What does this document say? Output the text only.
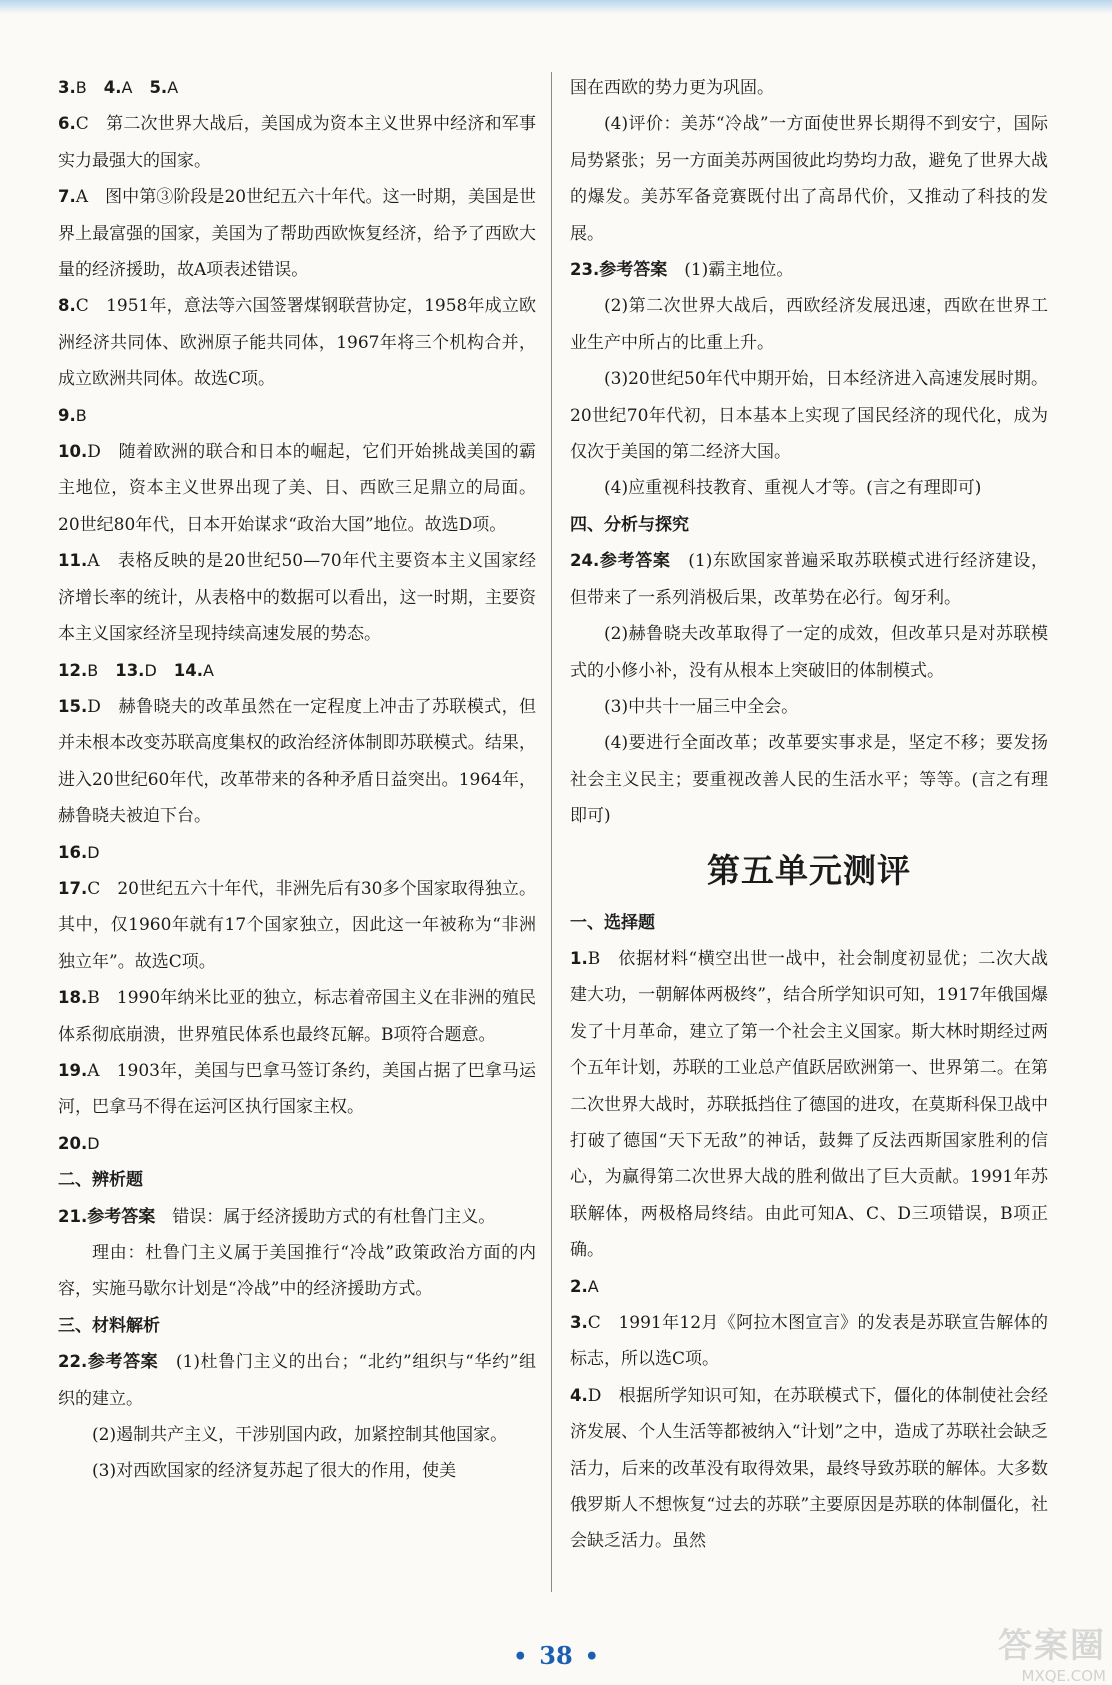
3.B　 4.A　 5.A

6.C　第二次世界大战后，美国成为资本主义世界中经济和军事实力最强大的国家。

7.A　图中第③阶段是20世纪五六十年代。这一时期，美国是世界上最富强的国家，美国为了帮助西欧恢复经济，给予了西欧大量的经济援助，故A项表述错误。

8.C　1951年，意法等六国签署煤钢联营协定，1958年成立欧洲经济共同体、欧洲原子能共同体，1967年将三个机构合并，成立欧洲共同体。故选C项。

9.B

10.D　随着欧洲的联合和日本的崛起，它们开始挑战美国的霸主地位，资本主义世界出现了美、日、西欧三足鼎立的局面。20世纪80年代，日本开始谋求“政治大国”地位。故选D项。

11.A　表格反映的是20世纪50—70年代主要资本主义国家经济增长率的统计，从表格中的数据可以看出，这一时期，主要资本主义国家经济呈现持续高速发展的势态。

12.B　 13.D　 14.A

15.D　赫鲁晓夫的改革虽然在一定程度上冲击了苏联模式，但并未根本改变苏联高度集权的政治经济体制即苏联模式。结果，进入20世纪60年代，改革带来的各种矛盾日益突出。1964年，赫鲁晓夫被迫下台。

16.D

17.C　20世纪五六十年代，非洲先后有30多个国家取得独立。其中，仅1960年就有17个国家独立，因此这一年被称为“非洲独立年”。故选C项。

18.B　1990年纳米比亚的独立，标志着帝国主义在非洲的殖民体系彻底崩溃，世界殖民体系也最终瓦解。B项符合题意。

19.A　1903年，美国与巴拿马签订条约，美国占据了巴拿马运河，巴拿马不得在运河区执行国家主权。

20.D

二、辨析题

21.参考答案　 错误：属于经济援助方式的有杜鲁门主义。

理由：杜鲁门主义属于美国推行“冷战”政策政治方面的内容，实施马歇尔计划是“冷战”中的经济援助方式。

三、材料解析

22.参考答案　 (1)杜鲁门主义的出台；“北约”组织与“华约”组织的建立。

(2)遏制共产主义，干涉别国内政，加紧控制其他国家。

(3)对西欧国家的经济复苏起了很大的作用，使美

国在西欧的势力更为巩固。

(4)评价：美苏“冷战”一方面使世界长期得不到安宁，国际局势紧张；另一方面美苏两国彼此均势均力敌，避免了世界大战的爆发。美苏军备竞赛既付出了高昂代价，又推动了科技的发展。

23.参考答案　 (1)霸主地位。

(2)第二次世界大战后，西欧经济发展迅速，西欧在世界工业生产中所占的比重上升。

(3)20世纪50年代中期开始，日本经济进入高速发展时期。20世纪70年代初，日本基本上实现了国民经济的现代化，成为仅次于美国的第二经济大国。

(4)应重视科技教育、重视人才等。(言之有理即可)

四、分析与探究

24.参考答案　 (1)东欧国家普遍采取苏联模式进行经济建设，但带来了一系列消极后果，改革势在必行。匈牙利。

(2)赫鲁晓夫改革取得了一定的成效，但改革只是对苏联模式的小修小补，没有从根本上突破旧的体制模式。

(3)中共十一届三中全会。

(4)要进行全面改革；改革要实事求是，坚定不移；要发扬社会主义民主；要重视改善人民的生活水平；等等。(言之有理即可)

第五单元测评

一、选择题

1.B　依据材料“横空出世一战中，社会制度初显优；二次大战建大功，一朝解体两极终”，结合所学知识可知，1917年俄国爆发了十月革命，建立了第一个社会主义国家。斯大林时期经过两个五年计划，苏联的工业总产值跃居欧洲第一、世界第二。在第二次世界大战时，苏联抵挡住了德国的进攻，在莫斯科保卫战中打破了德国“天下无敌”的神话，鼓舞了反法西斯国家胜利的信心，为赢得第二次世界大战的胜利做出了巨大贡献。1991年苏联解体，两极格局终结。由此可知A、C、D三项错误，B项正确。

2.A

3.C　1991年12月《阿拉木图宣言》的发表是苏联宣告解体的标志，所以选C项。

4.D　根据所学知识可知，在苏联模式下，僵化的体制使社会经济发展、个人生活等都被纳入“计划”之中，造成了苏联社会缺乏活力，后来的改革没有取得效果，最终导致苏联的解体。大多数俄罗斯人不想恢复“过去的苏联”主要原因是苏联的体制僵化，社会缺乏活力。虽然

• 38 •	答案圈
MXQE.COM
